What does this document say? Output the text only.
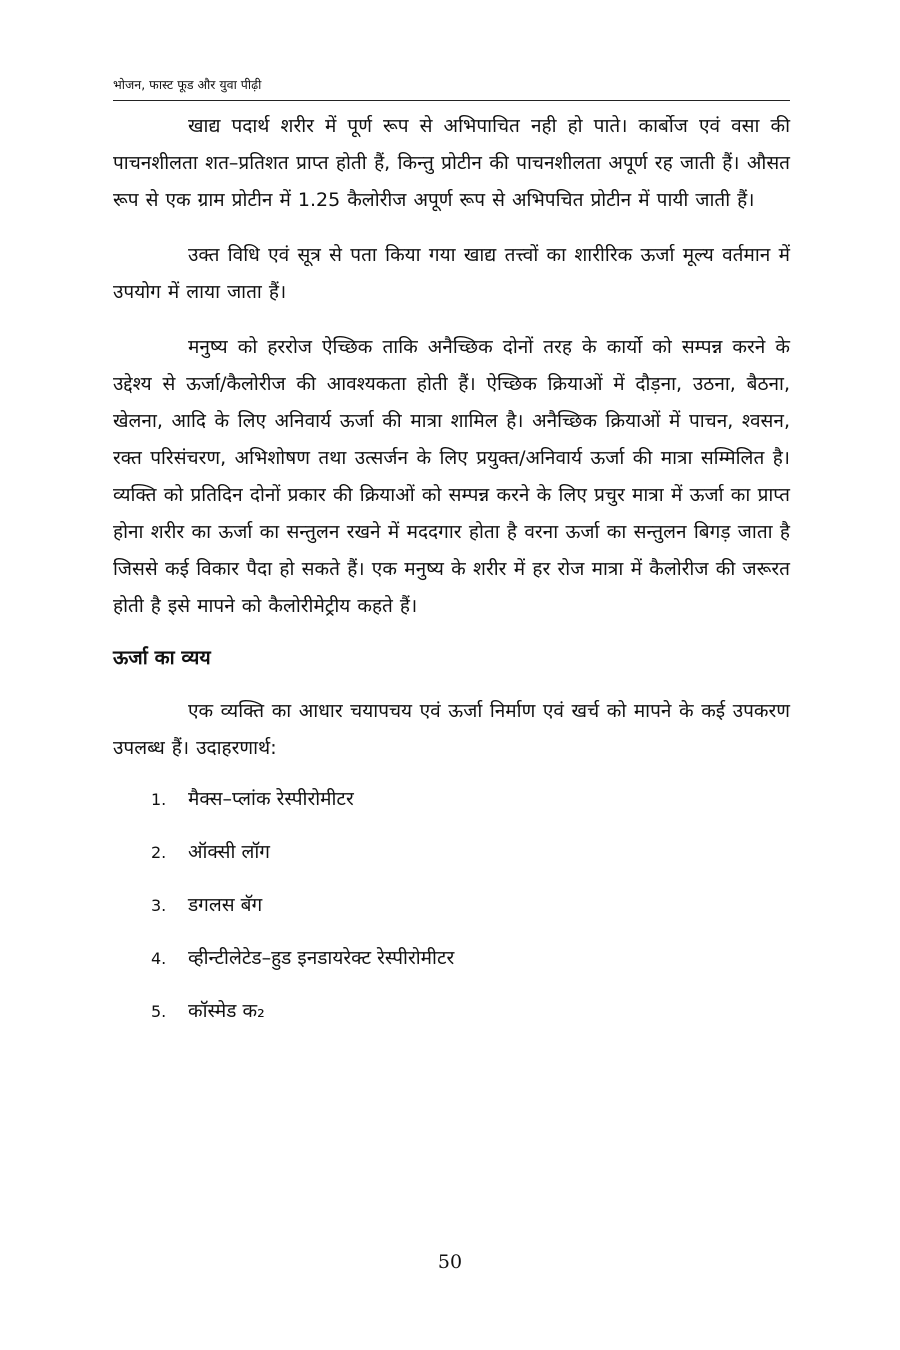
भोजन, फास्ट फूड और युवा पीढ़ी

खाद्य पदार्थ शरीर में पूर्ण रूप से अभिपाचित नही हो पाते। कार्बोज एवं वसा की पाचनशीलता शत–प्रतिशत प्राप्त होती हैं, किन्तु प्रोटीन की पाचनशीलता अपूर्ण रह जाती हैं। औसत रूप से एक ग्राम प्रोटीन में 1.25 कैलोरीज अपूर्ण रूप से अभिपचित प्रोटीन में पायी जाती हैं।

उक्त विधि एवं सूत्र से पता किया गया खाद्य तत्त्वों का शारीरिक ऊर्जा मूल्य वर्तमान में उपयोग में लाया जाता हैं।

मनुष्य को हररोज ऐच्छिक ताकि अनैच्छिक दोनों तरह के कार्यो को सम्पन्न करने के उद्देश्य से ऊर्जा/कैलोरीज की आवश्यकता होती हैं। ऐच्छिक क्रियाओं में दौड़ना, उठना, बैठना, खेलना, आदि के लिए अनिवार्य ऊर्जा की मात्रा शामिल है। अनैच्छिक क्रियाओं में पाचन, श्वसन, रक्त परिसंचरण, अभिशोषण तथा उत्सर्जन के लिए प्रयुक्त/अनिवार्य ऊर्जा की मात्रा सम्मिलित है। व्यक्ति को प्रतिदिन दोनों प्रकार की क्रियाओं को सम्पन्न करने के लिए प्रचुर मात्रा में ऊर्जा का प्राप्त होना शरीर का ऊर्जा का सन्तुलन रखने में मददगार होता है वरना ऊर्जा का सन्तुलन बिगड़ जाता है जिससे कई विकार पैदा हो सकते हैं। एक मनुष्य के शरीर में हर रोज मात्रा में कैलोरीज की जरूरत होती है इसे मापने को कैलोरीमेट्रीय कहते हैं।

ऊर्जा का व्यय

एक व्यक्ति का आधार चयापचय एवं ऊर्जा निर्माण एवं खर्च को मापने के कई उपकरण उपलब्ध हैं। उदाहरणार्थ:

1.	मैक्स–प्लांक रेस्पीरोमीटर
2.	ऑक्सी लॉग
3.	डगलस बॅग
4.	व्हीन्टीलेटेड–हुड इनडायरेक्ट रेस्पीरोमीटर
5.	कॉस्मेड क₂
50
